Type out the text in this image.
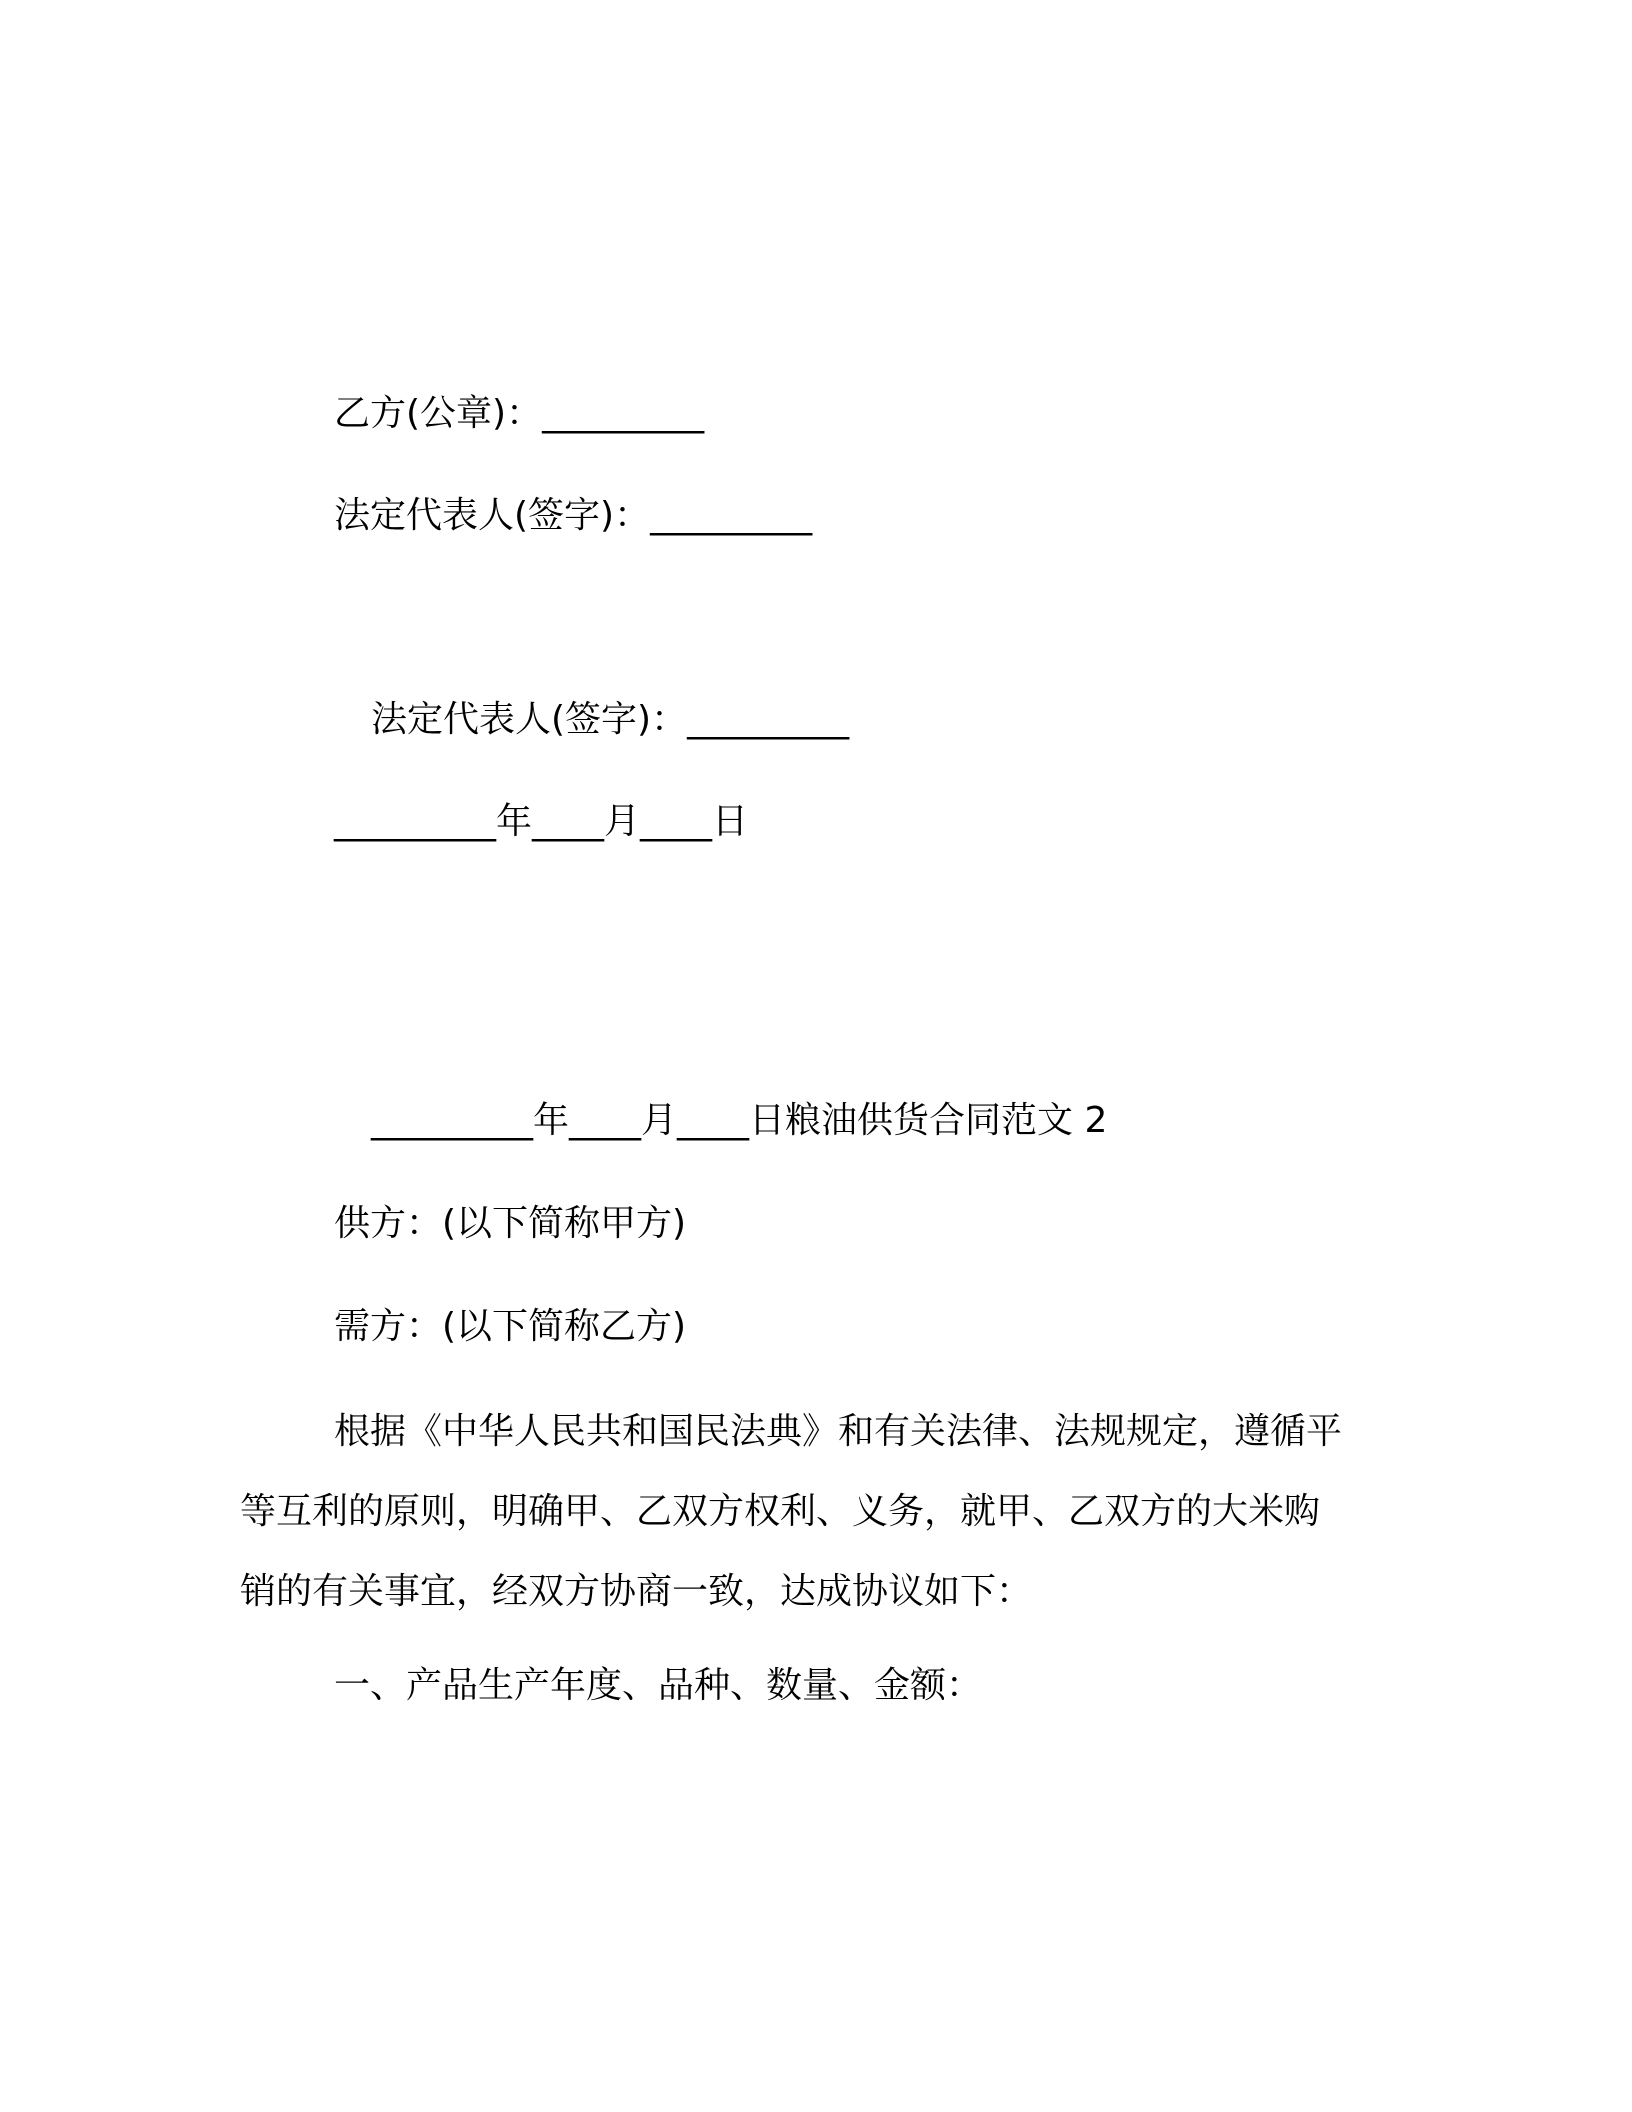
乙方(公章)：_________
法定代表人(签字)：_________
法定代表人(签字)：_________
_________年____月____日
_________年____月____日粮油供货合同范文 2
供方：(以下简称甲方)
需方：(以下简称乙方)
根据《中华人民共和国民法典》和有关法律、法规规定，遵循平
等互利的原则，明确甲、乙双方权利、义务，就甲、乙双方的大米购
销的有关事宜，经双方协商一致，达成协议如下：
一、产品生产年度、品种、数量、金额：
